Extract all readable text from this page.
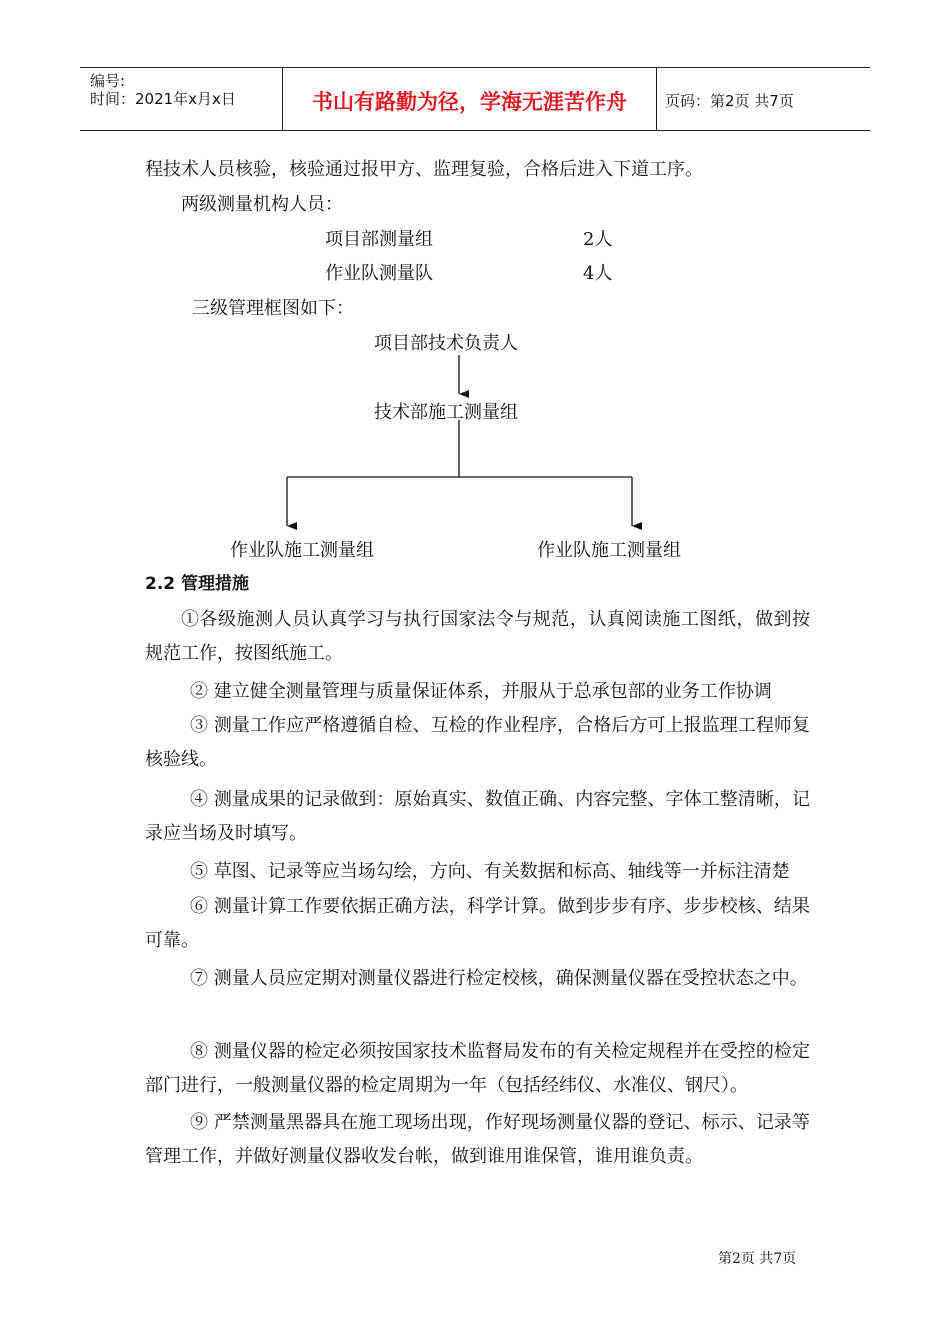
编号:
时间：2021年x月x日	书山有路勤为径，学海无涯苦作舟	页码：第2页 共7页
程技术人员核验，核验通过报甲方、监理复验，合格后进入下道工序。
两级测量机构人员：
项目部测量组	2人
作业队测量队	4人
三级管理框图如下：
项目部技术负责人
技术部施工测量组
作业队施工测量组	作业队施工测量组
2.2 管理措施
①各级施测人员认真学习与执行国家法令与规范，认真阅读施工图纸，做到按规范工作，按图纸施工。
② 建立健全测量管理与质量保证体系，并服从于总承包部的业务工作协调
③ 测量工作应严格遵循自检、互检的作业程序，合格后方可上报监理工程师复核验线。
④ 测量成果的记录做到：原始真实、数值正确、内容完整、字体工整清晰，记录应当场及时填写。
⑤ 草图、记录等应当场勾绘，方向、有关数据和标高、轴线等一并标注清楚
⑥ 测量计算工作要依据正确方法，科学计算。做到步步有序、步步校核、结果可靠。
⑦ 测量人员应定期对测量仪器进行检定校核，确保测量仪器在受控状态之中。
⑧ 测量仪器的检定必须按国家技术监督局发布的有关检定规程并在受控的检定部门进行，一般测量仪器的检定周期为一年（包括经纬仪、水准仪、钢尺）。
⑨ 严禁测量黑器具在施工现场出现，作好现场测量仪器的登记、标示、记录等管理工作，并做好测量仪器收发台帐，做到谁用谁保管，谁用谁负责。
第2页 共7页
